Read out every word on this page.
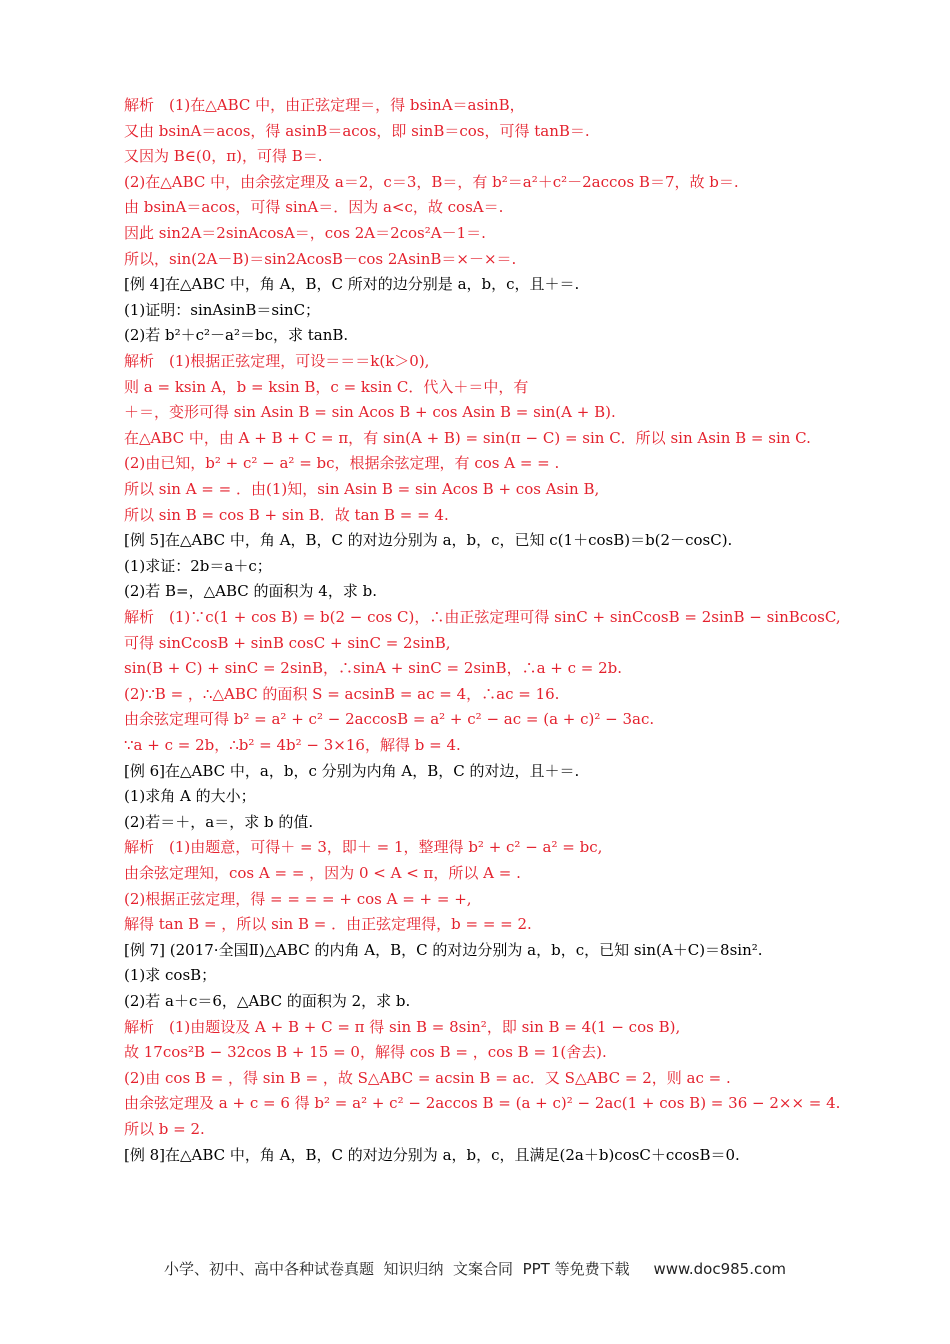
解析　(1)在△ABC 中，由正弦定理＝，得 bsinA＝asinB，
又由 bsinA＝acos，得 asinB＝acos，即 sinB＝cos，可得 tanB＝.
又因为 B∈(0，π)，可得 B＝.
(2)在△ABC 中，由余弦定理及 a＝2，c＝3，B＝，有 b²＝a²＋c²－2accos B＝7，故 b＝.
由 bsinA＝acos，可得 sinA＝．因为 a<c，故 cosA＝.
因此 sin2A＝2sinAcosA＝，cos 2A＝2cos²A－1＝.
所以，sin(2A－B)＝sin2AcosB－cos 2AsinB＝×－×＝.
[例 4]在△ABC 中，角 A，B，C 所对的边分别是 a，b，c，且＋＝.
(1)证明：sinAsinB＝sinC；
(2)若 b²＋c²－a²＝bc，求 tanB.
解析　(1)根据正弦定理，可设＝＝＝k(k＞0),
则 a = ksin A，b = ksin B，c = ksin C．代入＋＝中，有
＋＝，变形可得 sin Asin B = sin Acos B + cos Asin B = sin(A + B).
在△ABC 中，由 A + B + C = π，有 sin(A + B) = sin(π − C) = sin C．所以 sin Asin B = sin C.
(2)由已知，b² + c² − a² = bc，根据余弦定理，有 cos A = = .
所以 sin A = = ．由(1)知，sin Asin B = sin Acos B + cos Asin B,
所以 sin B = cos B + sin B．故 tan B = = 4.
[例 5]在△ABC 中，角 A，B，C 的对边分别为 a，b，c，已知 c(1＋cosB)＝b(2－cosC).
(1)求证：2b＝a＋c；
(2)若 B=，△ABC 的面积为 4，求 b.
解析　(1)∵c(1 + cos B) = b(2 − cos C)，∴由正弦定理可得 sinC + sinCcosB = 2sinB − sinBcosC,
可得 sinCcosB + sinB cosC + sinC = 2sinB,
sin(B + C) + sinC = 2sinB，∴sinA + sinC = 2sinB，∴a + c = 2b.
(2)∵B = ，∴△ABC 的面积 S = acsinB = ac = 4，∴ac = 16.
由余弦定理可得 b² = a² + c² − 2accosB = a² + c² − ac = (a + c)² − 3ac.
∵a + c = 2b，∴b² = 4b² − 3×16，解得 b = 4.
[例 6]在△ABC 中，a，b，c 分别为内角 A，B，C 的对边，且＋＝.
(1)求角 A 的大小；
(2)若＝＋，a＝，求 b 的值.
解析　(1)由题意，可得＋ = 3，即＋ = 1，整理得 b² + c² − a² = bc,
由余弦定理知，cos A = = ，因为 0 < A < π，所以 A = .
(2)根据正弦定理，得 = = = = + cos A = + = +,
解得 tan B = ，所以 sin B = ．由正弦定理得，b = = = 2.
[例 7] (2017·全国Ⅱ)△ABC 的内角 A，B，C 的对边分别为 a，b，c，已知 sin(A＋C)＝8sin².
(1)求 cosB；
(2)若 a＋c＝6，△ABC 的面积为 2，求 b.
解析　(1)由题设及 A + B + C = π 得 sin B = 8sin²，即 sin B = 4(1 − cos B),
故 17cos²B − 32cos B + 15 = 0，解得 cos B = ，cos B = 1(舍去).
(2)由 cos B = ，得 sin B = ，故 S△ABC = acsin B = ac．又 S△ABC = 2，则 ac = .
由余弦定理及 a + c = 6 得 b² = a² + c² − 2accos B = (a + c)² − 2ac(1 + cos B) = 36 − 2×× = 4.
所以 b = 2.
[例 8]在△ABC 中，角 A，B，C 的对边分别为 a，b，c，且满足(2a＋b)cosC＋ccosB＝0.
小学、初中、高中各种试卷真题  知识归纳  文案合同  PPT 等免费下载     www.doc985.com
